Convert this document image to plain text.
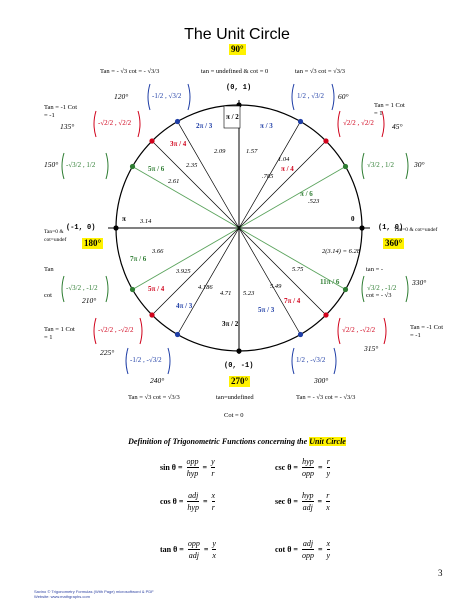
The Unit Circle
90°
(0, 1)
(0, -1)
(-1, 0)	(1, 0)
180°	360°
270°
Tan = - √3 cot = - √3/3	tan = undefined & cot = 0	tan = √3 cot = √3/3
Tan = √3 cot = √3/3	tan=undefined
Cot = 0
Tan = - √3 cot = - √3/3
Tan = -1 Cot = -1
Tan=0 & cot=undef
Tan = 1 Cot = 1
Tan
cot
Tan = 1 Cot = 1
Tan=0 & cot=undef
Tan = -1 Cot = -1
tan = -
cot = - √3
120°	60°
135°	45°
150°	30°
210°
330°
225°	315°
240°	300°
1/2 , √3/2
-1/2 , √3/2
√2/2 , √2/2
-√2/2 , √2/2
√3/2 , 1/2
-√3/2 , 1/2
√3/2 , -1/2
-√3/2 , -1/2
√2/2 , -√2/2
-√2/2 , -√2/2
1/2 , -√3/2
-1/2 , -√3/2
π / 2
π / 3
2π / 3
π / 4
3π / 4
π / 6
5π / 6
π	0
7π / 6
11π / 6
5π / 4
7π / 4
4π / 3	5π / 3
3π / 2
1.57
2.09
1.04
2.35
.785
2.61
.523
3.14
2(3.14) = 6.28
3.66
5.75
3.925
4.186
4.71 5.23
5.49
Definition of Trigonometric Functions concerning the Unit Circle
sin θ =
opp
hyp
=
y
r
csc θ =
hyp
opp
=
r
y
cos θ =
adj
hyp
=
x
r
sec θ =
hyp
adj
=
r
x
tan θ =
opp
adj
=
y
x
cot θ =
adj
opp
=
x
y
Savino © Trigonometry Formulas (With Page) microsoftword & PDF
Website: www.mathgraphs.com
3
